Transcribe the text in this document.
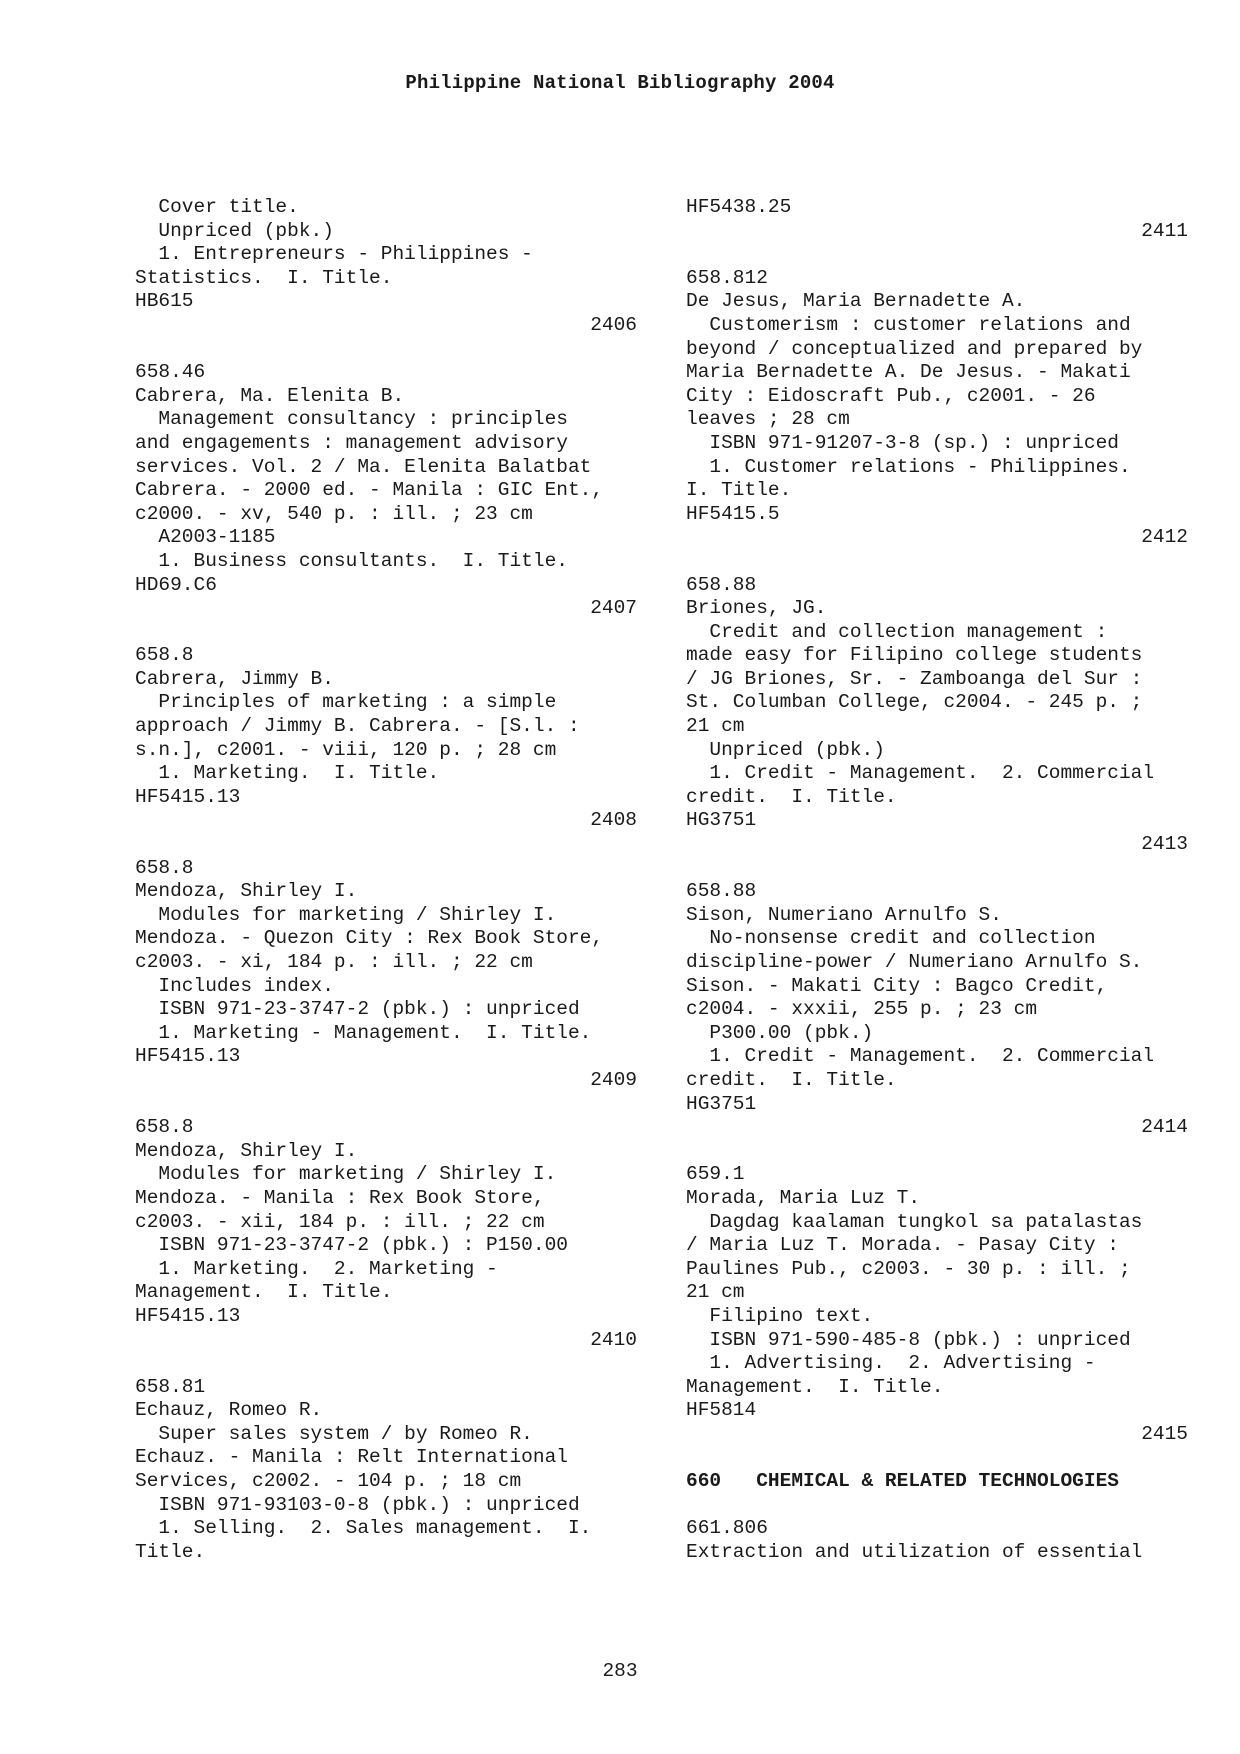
Philippine National Bibliography 2004
Cover title.
Unpriced (pbk.)
1. Entrepreneurs - Philippines -
Statistics.  I. Title.
HB615
2406
658.46
Cabrera, Ma. Elenita B.
Management consultancy : principles
and engagements : management advisory
services. Vol. 2 / Ma. Elenita Balatbat
Cabrera. - 2000 ed. - Manila : GIC Ent.,
c2000. - xv, 540 p. : ill. ; 23 cm
A2003-1185
1. Business consultants.  I. Title.
HD69.C6
2407
658.8
Cabrera, Jimmy B.
Principles of marketing : a simple
approach / Jimmy B. Cabrera. - [S.l. :
s.n.], c2001. - viii, 120 p. ; 28 cm
1. Marketing.  I. Title.
HF5415.13
2408
658.8
Mendoza, Shirley I.
Modules for marketing / Shirley I.
Mendoza. - Quezon City : Rex Book Store,
c2003. - xi, 184 p. : ill. ; 22 cm
Includes index.
ISBN 971-23-3747-2 (pbk.) : unpriced
1. Marketing - Management.  I. Title.
HF5415.13
2409
658.8
Mendoza, Shirley I.
Modules for marketing / Shirley I.
Mendoza. - Manila : Rex Book Store,
c2003. - xii, 184 p. : ill. ; 22 cm
ISBN 971-23-3747-2 (pbk.) : P150.00
1. Marketing.  2. Marketing -
Management.  I. Title.
HF5415.13
2410
658.81
Echauz, Romeo R.
Super sales system / by Romeo R.
Echauz. - Manila : Relt International
Services, c2002. - 104 p. ; 18 cm
ISBN 971-93103-0-8 (pbk.) : unpriced
1. Selling.  2. Sales management.  I.
Title.
HF5438.25
2411
658.812
De Jesus, Maria Bernadette A.
Customerism : customer relations and
beyond / conceptualized and prepared by
Maria Bernadette A. De Jesus. - Makati
City : Eidoscraft Pub., c2001. - 26
leaves ; 28 cm
ISBN 971-91207-3-8 (sp.) : unpriced
1. Customer relations - Philippines.
I. Title.
HF5415.5
2412
658.88
Briones, JG.
Credit and collection management :
made easy for Filipino college students
/ JG Briones, Sr. - Zamboanga del Sur :
St. Columban College, c2004. - 245 p. ;
21 cm
Unpriced (pbk.)
1. Credit - Management.  2. Commercial
credit.  I. Title.
HG3751
2413
658.88
Sison, Numeriano Arnulfo S.
No-nonsense credit and collection
discipline-power / Numeriano Arnulfo S.
Sison. - Makati City : Bagco Credit,
c2004. - xxxii, 255 p. ; 23 cm
P300.00 (pbk.)
1. Credit - Management.  2. Commercial
credit.  I. Title.
HG3751
2414
659.1
Morada, Maria Luz T.
Dagdag kaalaman tungkol sa patalastas
/ Maria Luz T. Morada. - Pasay City :
Paulines Pub., c2003. - 30 p. : ill. ;
21 cm
Filipino text.
ISBN 971-590-485-8 (pbk.) : unpriced
1. Advertising.  2. Advertising -
Management.  I. Title.
HF5814
2415
660   CHEMICAL & RELATED TECHNOLOGIES
661.806
Extraction and utilization of essential
283
